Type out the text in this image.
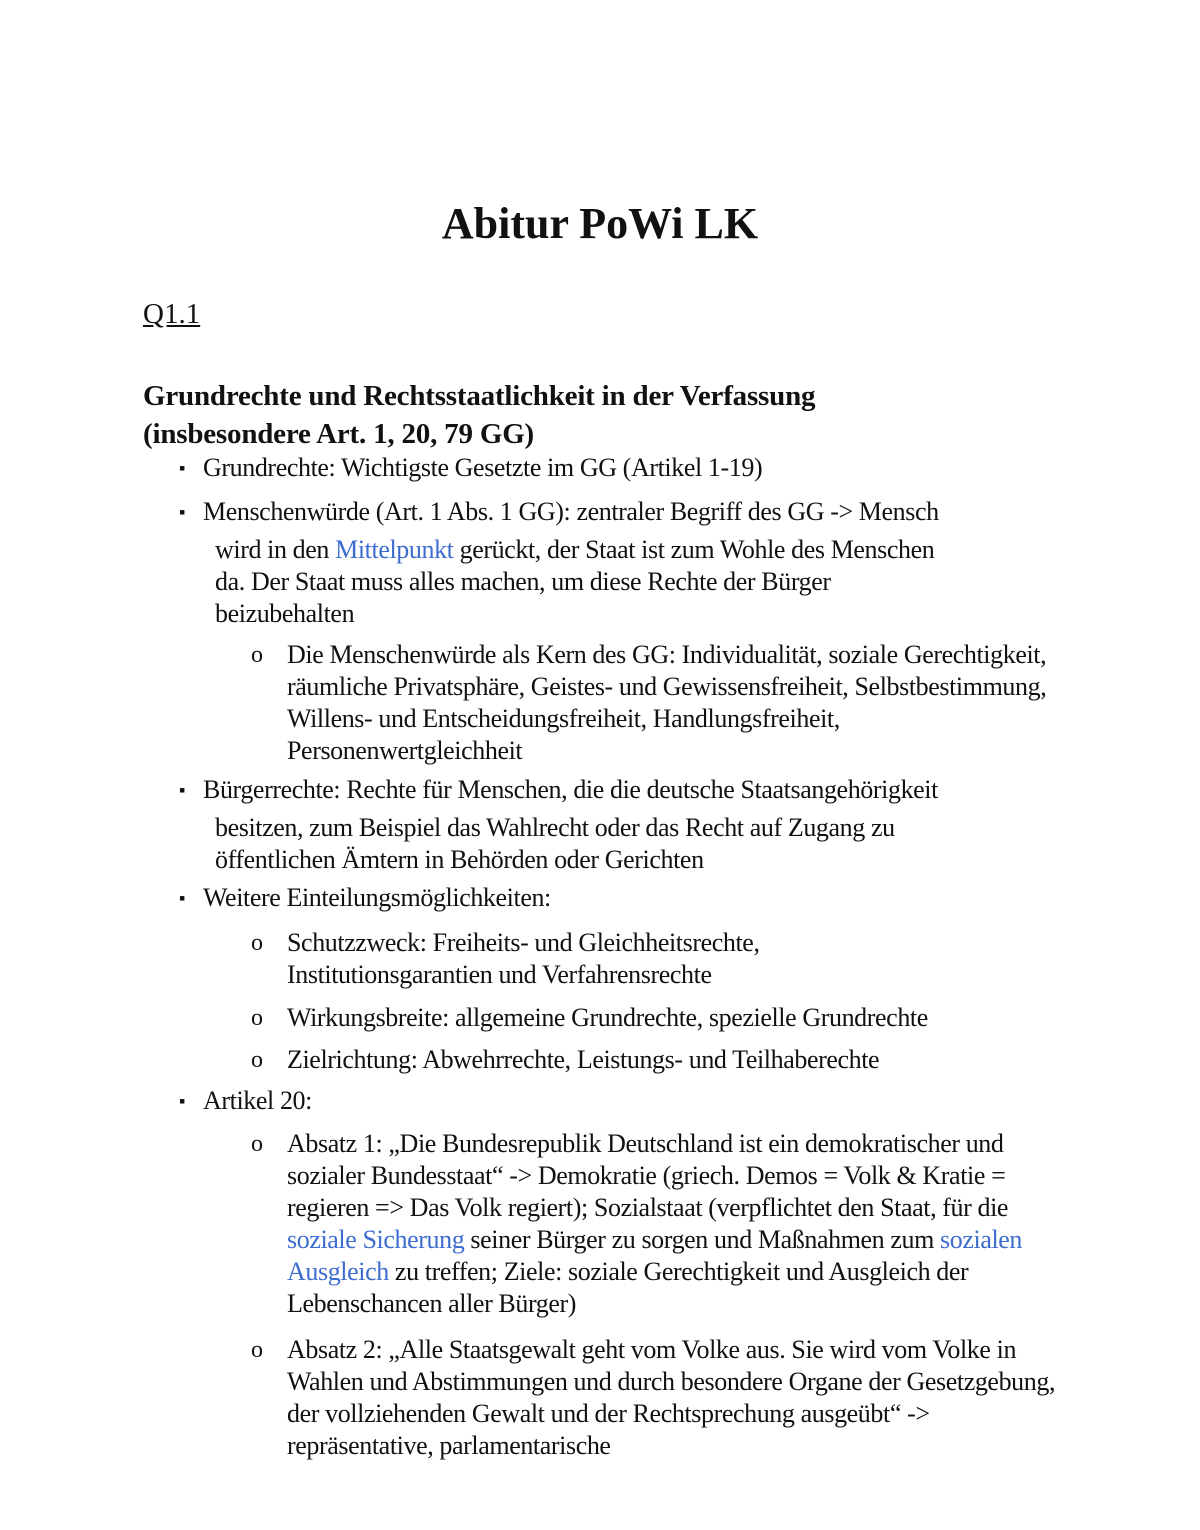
Abitur PoWi LK
Q1.1
Grundrechte und Rechtsstaatlichkeit in der Verfassung
(insbesondere Art. 1, 20, 79 GG)
▪ Grundrechte: Wichtigste Gesetzte im GG (Artikel 1-19)
▪ Menschenwürde (Art. 1 Abs. 1 GG): zentraler Begriff des GG -> Mensch
wird in den Mittelpunkt gerückt, der Staat ist zum Wohle des Menschen
da. Der Staat muss alles machen, um diese Rechte der Bürger
beizubehalten
o Die Menschenwürde als Kern des GG: Individualität, soziale Gerechtigkeit, räumliche Privatsphäre, Geistes- und Gewissensfreiheit, Selbstbestimmung, Willens- und Entscheidungsfreiheit, Handlungsfreiheit, Personenwertgleichheit
▪ Bürgerrechte: Rechte für Menschen, die die deutsche Staatsangehörigkeit
besitzen, zum Beispiel das Wahlrecht oder das Recht auf Zugang zu
öffentlichen Ämtern in Behörden oder Gerichten
▪ Weitere Einteilungsmöglichkeiten:
o Schutzzweck: Freiheits- und Gleichheitsrechte, Institutionsgarantien und Verfahrensrechte
o Wirkungsbreite: allgemeine Grundrechte, spezielle Grundrechte
o Zielrichtung: Abwehrrechte, Leistungs- und Teilhaberechte
▪ Artikel 20:
o Absatz 1: „Die Bundesrepublik Deutschland ist ein demokratischer und sozialer Bundesstaat“ -> Demokratie (griech. Demos = Volk & Kratie = regieren => Das Volk regiert); Sozialstaat (verpflichtet den Staat, für die soziale Sicherung seiner Bürger zu sorgen und Maßnahmen zum sozialen Ausgleich zu treffen; Ziele: soziale Gerechtigkeit und Ausgleich der Lebenschancen aller Bürger)
o Absatz 2: „Alle Staatsgewalt geht vom Volke aus. Sie wird vom Volke in Wahlen und Abstimmungen und durch besondere Organe der Gesetzgebung, der vollziehenden Gewalt und der Rechtsprechung ausgeübt“ -> repräsentative, parlamentarische
